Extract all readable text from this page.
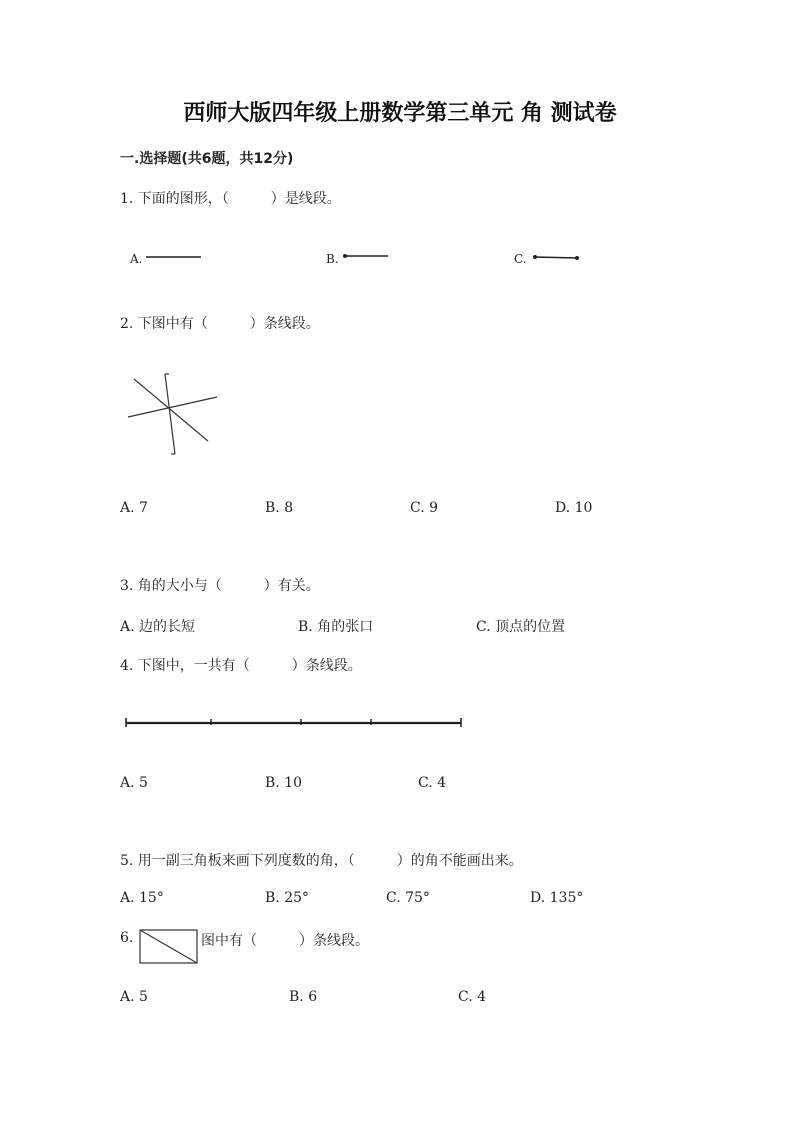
西师大版四年级上册数学第三单元 角 测试卷
一.选择题(共6题，共12分)
1. 下面的图形，（　　　）是线段。
A.	B.	C.
2. 下图中有（　　　）条线段。
A. 7	B. 8	C. 9	D. 10
3. 角的大小与（　　　）有关。
A. 边的长短	B. 角的张口	C. 顶点的位置
4. 下图中，一共有（　　　）条线段。
A. 5	B. 10	C. 4
5. 用一副三角板来画下列度数的角，（　　　）的角不能画出来。
A. 15°	B. 25°	C. 75°	D. 135°
6.	图中有（　　　）条线段。
A. 5	B. 6	C. 4
